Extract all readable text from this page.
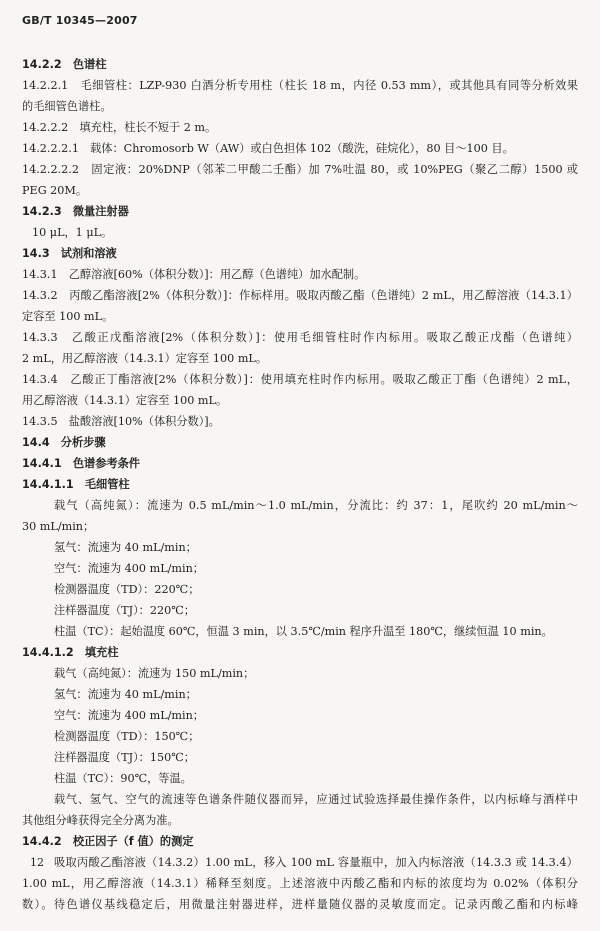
GB/T 10345—2007
14.2.2　色谱柱
14.2.2.1　毛细管柱：LZP-930 白酒分析专用柱（柱长 18 m，内径 0.53 mm），或其他具有同等分析效果
的毛细管色谱柱。
14.2.2.2　填充柱，柱长不短于 2 m。
14.2.2.2.1　载体：Chromosorb W（AW）或白色担体 102（酸洗，硅烷化），80 目～100 目。
14.2.2.2.2　固定液：20%DNP（邻苯二甲酸二壬酯）加 7%吐温 80，或 10%PEG（聚乙二醇）1500 或
PEG 20M。
14.2.3　微量注射器
10 μL，1 μL。
14.3　试剂和溶液
14.3.1　乙醇溶液[60%（体积分数）]：用乙醇（色谱纯）加水配制。
14.3.2　丙酸乙酯溶液[2%（体积分数）]：作标样用。吸取丙酸乙酯（色谱纯）2 mL，用乙醇溶液（14.3.1）
定容至 100 mL。
14.3.3　乙酸正戊酯溶液[2%（体积分数）]：使用毛细管柱时作内标用。吸取乙酸正戊酯（色谱纯）
2 mL，用乙醇溶液（14.3.1）定容至 100 mL。
14.3.4　乙酸正丁酯溶液[2%（体积分数）]：使用填充柱时作内标用。吸取乙酸正丁酯（色谱纯）2 mL，
用乙醇溶液（14.3.1）定容至 100 mL。
14.3.5　盐酸溶液[10%（体积分数）]。
14.4　分析步骤
14.4.1　色谱参考条件
14.4.1.1　毛细管柱
载气（高纯氮）：流速为 0.5 mL/min～1.0 mL/min，分流比：约 37：1，尾吹约 20 mL/min～
30 mL/min；
氢气：流速为 40 mL/min；
空气：流速为 400 mL/min；
检测器温度（TD）：220℃；
注样器温度（TJ）：220℃；
柱温（TC）：起始温度 60℃，恒温 3 min，以 3.5℃/min 程序升温至 180℃，继续恒温 10 min。
14.4.1.2　填充柱
载气（高纯氮）：流速为 150 mL/min；
氢气：流速为 40 mL/min；
空气：流速为 400 mL/min；
检测器温度（TD）：150℃；
注样器温度（TJ）：150℃；
柱温（TC）：90℃，等温。
载气、氢气、空气的流速等色谱条件随仪器而异，应通过试验选择最佳操作条件，以内标峰与酒样中
其他组分峰获得完全分离为准。
14.4.2　校正因子（f 值）的测定
吸取丙酸乙酯溶液（14.3.2）1.00 mL，移入 100 mL 容量瓶中，加入内标溶液（14.3.3 或 14.3.4）
1.00 mL，用乙醇溶液（14.3.1）稀释至刻度。上述溶液中丙酸乙酯和内标的浓度均为 0.02%（体积分
数）。待色谱仪基线稳定后，用微量注射器进样，进样量随仪器的灵敏度而定。记录丙酸乙酯和内标峰
12
